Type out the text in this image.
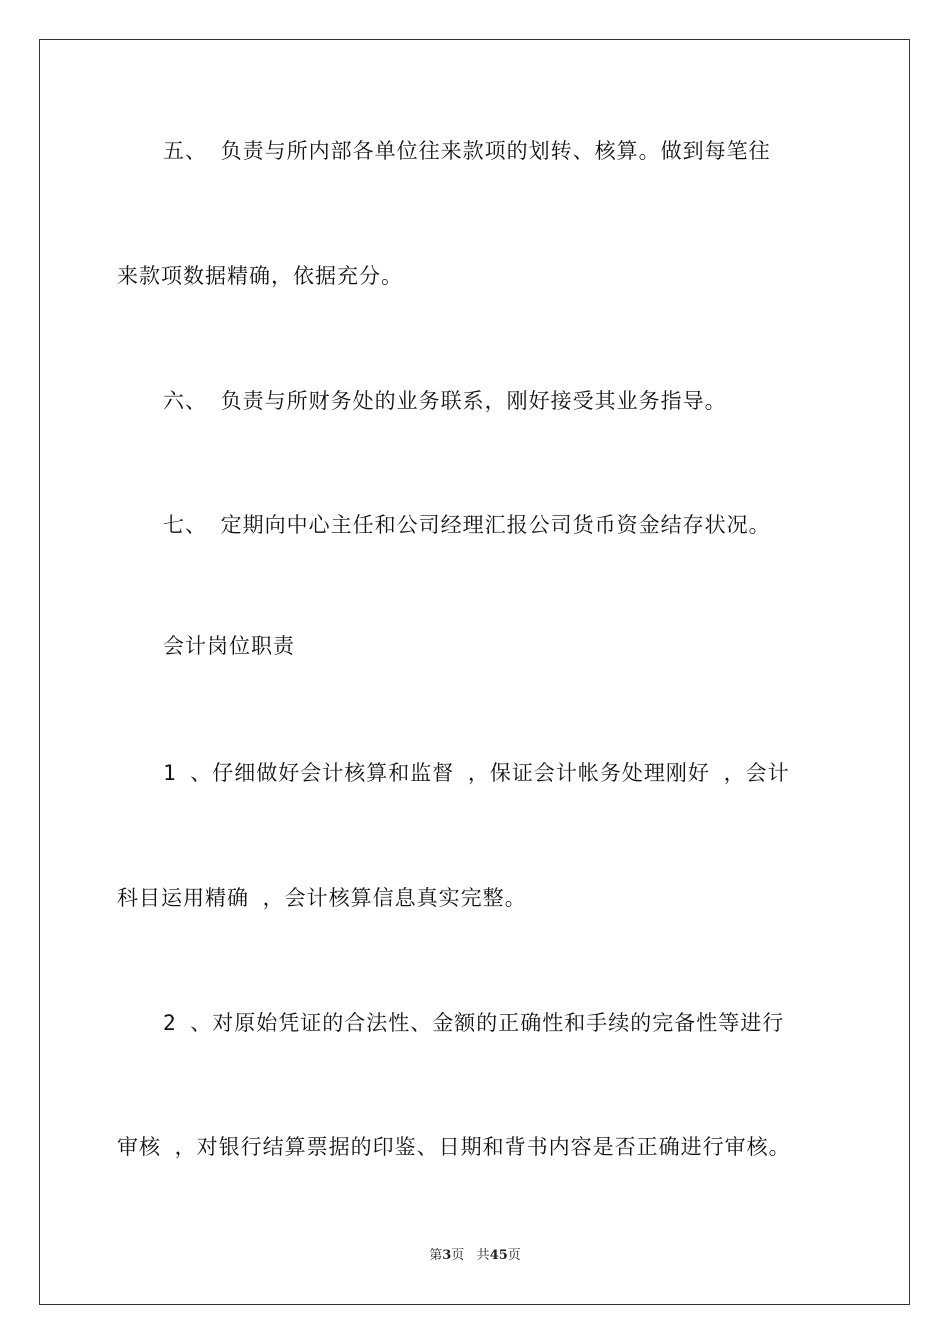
五、 负责与所内部各单位往来款项的划转、核算。做到每笔往
来款项数据精确，依据充分。
六、 负责与所财务处的业务联系，刚好接受其业务指导。
七、 定期向中心主任和公司经理汇报公司货币资金结存状况。
会计岗位职责
1 、仔细做好会计核算和监督 ，保证会计帐务处理刚好 ，会计
科目运用精确 ，会计核算信息真实完整。
2 、对原始凭证的合法性、金额的正确性和手续的完备性等进行
审核 ，对银行结算票据的印鉴、日期和背书内容是否正确进行审核。
第3页 共45页
